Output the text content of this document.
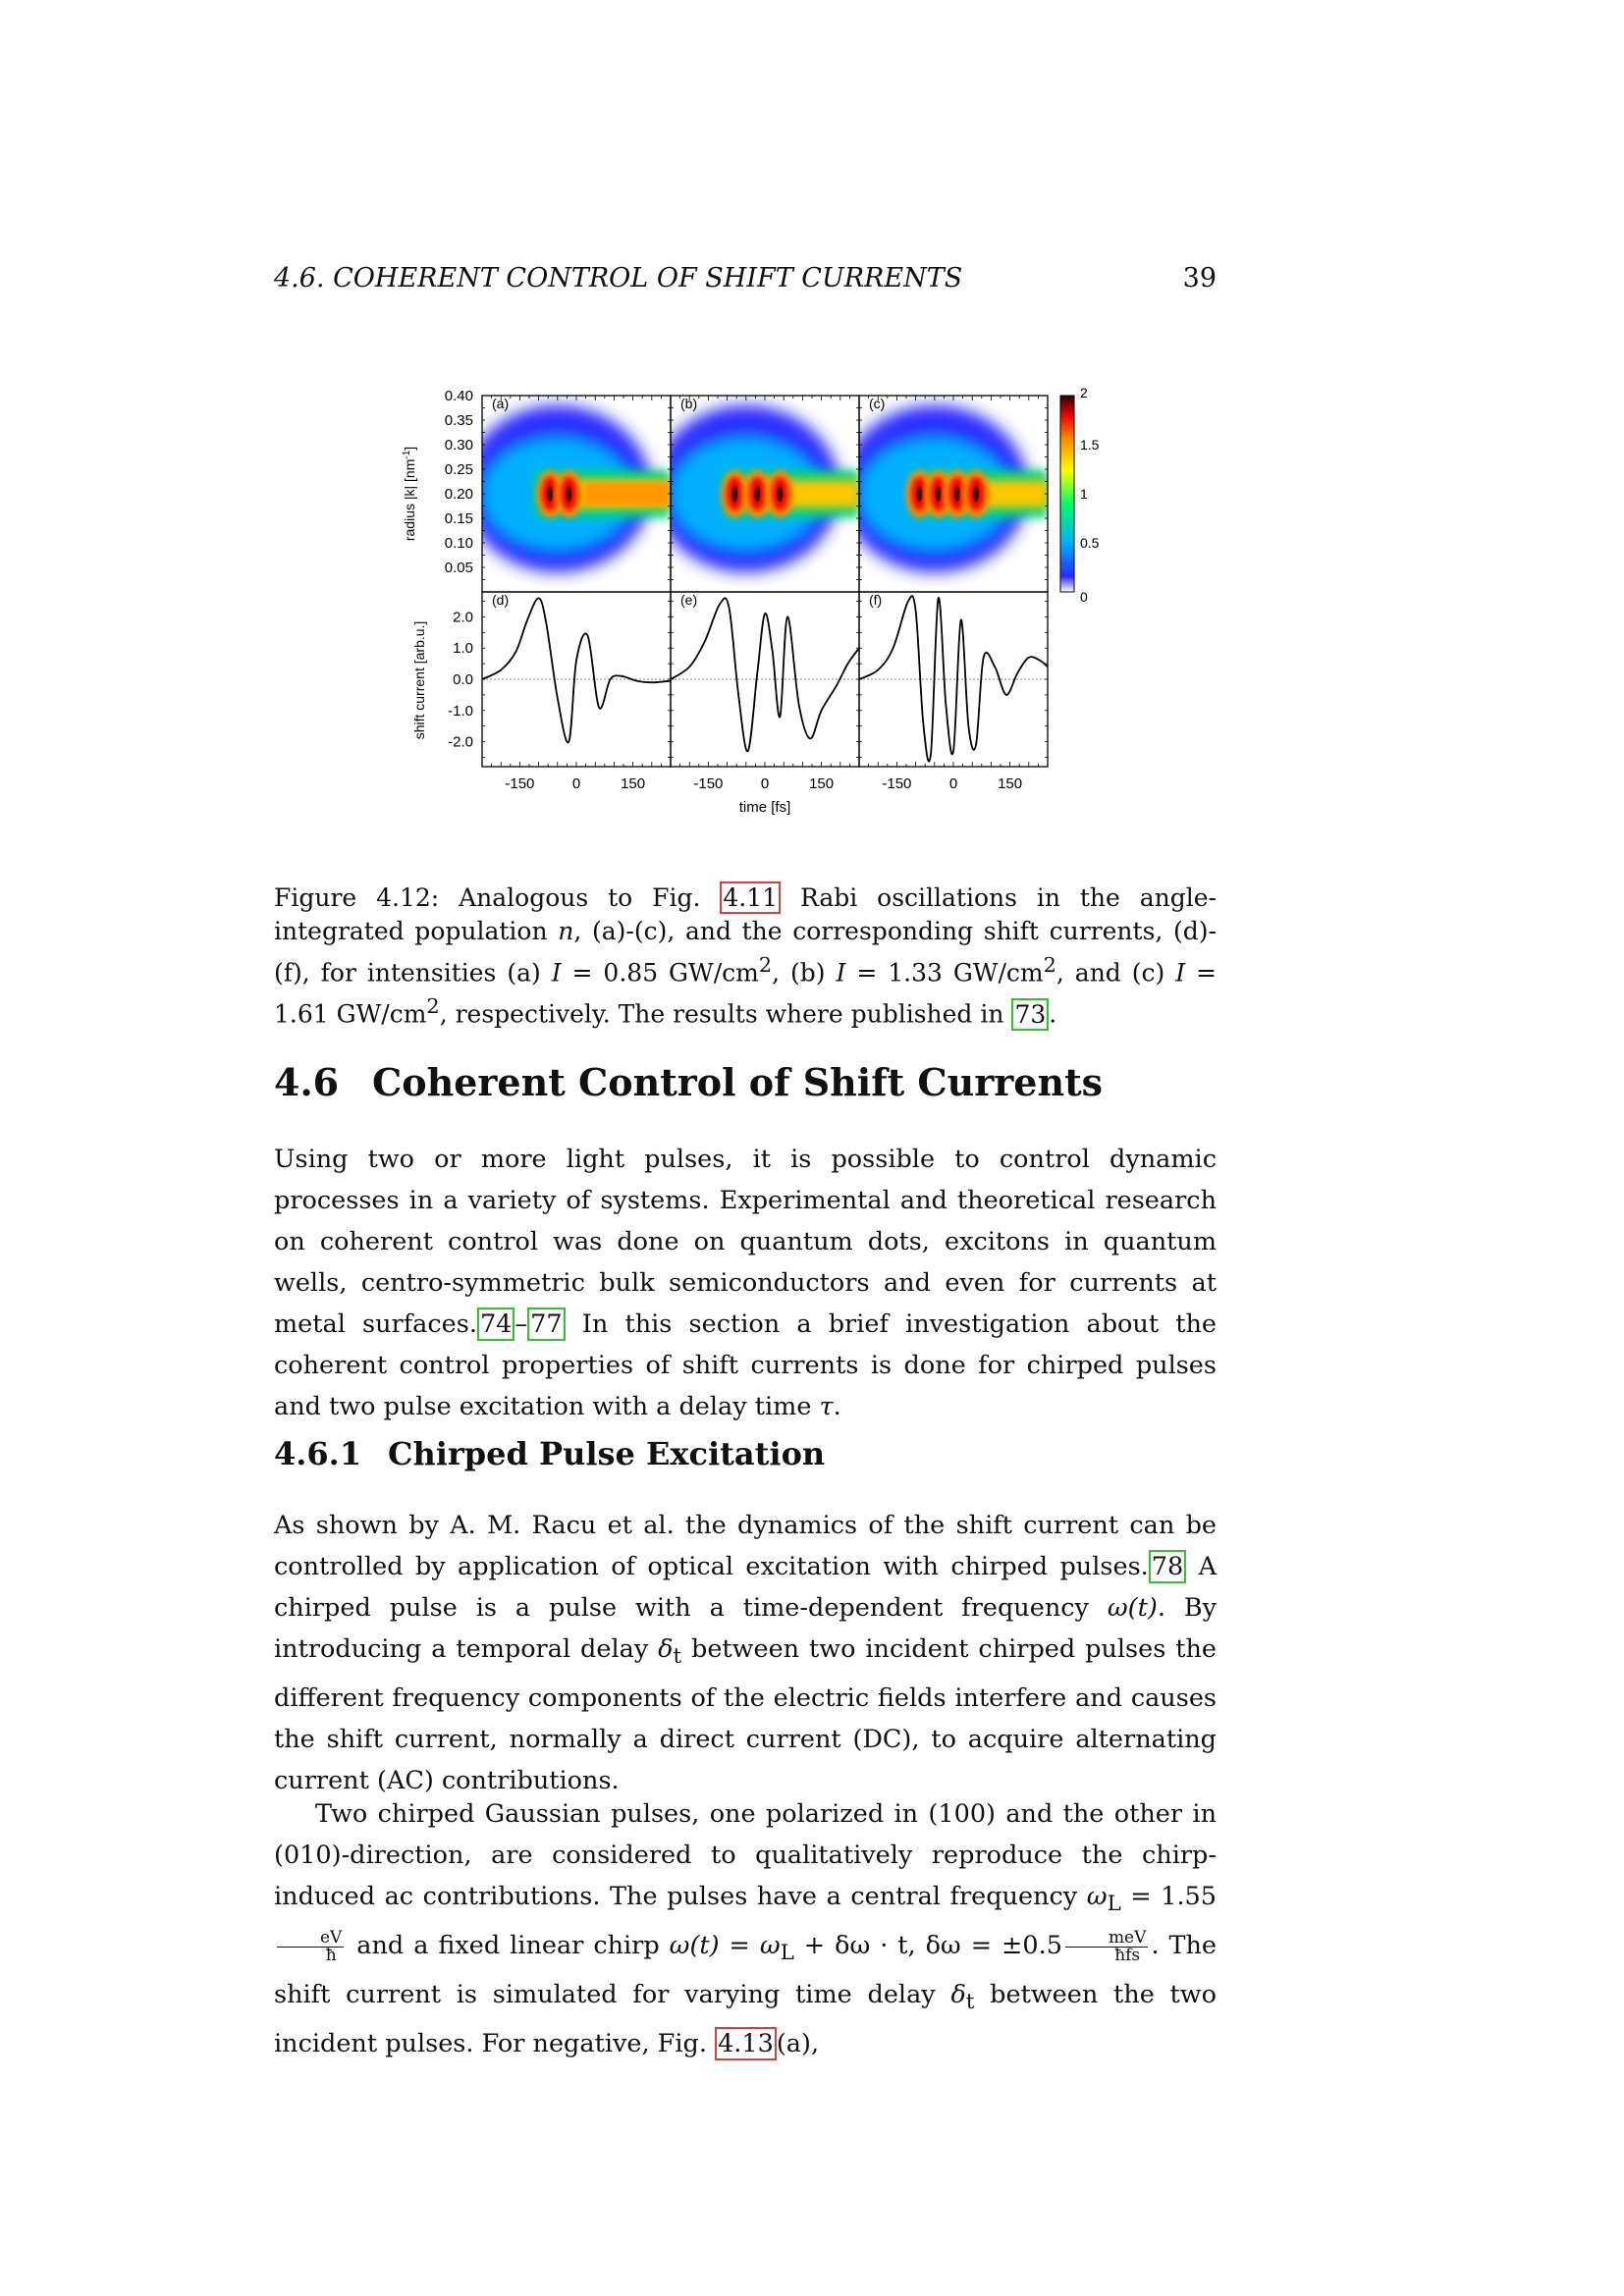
4.6. COHERENT CONTROL OF SHIFT CURRENTS	39
(a)	(b)	(c)
(d)	(e)	(f)
0.40
0.35
0.30
0.25
0.20
0.15
0.10
0.05
2.0
1.0
0.0
-1.0
-2.0
-150	0	150	-150	0	150	-150	0	150
time [fs]
radius |k| $[nm^{-1}]$
shift current [arb.u.]
2
1.5
1
0.5
0
Figure 4.12: Analogous to Fig. 4.11 Rabi oscillations in the angle-integrated population n, (a)-(c), and the corresponding shift currents, (d)-(f), for intensities (a) I = 0.85 $GW/cm^2$, (b) I = 1.33 $GW/cm^2$, and (c) I = 1.61 $GW/cm^2$, respectively. The results where published in 73 .
4.6 Coherent Control of Shift Currents
Using two or more light pulses, it is possible to control dynamic processes in a variety of systems. Experimental and theoretical research on coherent control was done on quantum dots, excitons in quantum wells, centro-symmetric bulk semiconductors and even for currents at metal surfaces. 74 – 77 In this section a brief investigation about the coherent control properties of shift currents is done for chirped pulses and two pulse excitation with a delay time τ.
4.6.1 Chirped Pulse Excitation
As shown by A. M. Racu et al. the dynamics of the shift current can be controlled by application of optical excitation with chirped pulses. 78 A chirped pulse is a pulse with a time-dependent frequency ω(t). By introducing a temporal delay $\delta_t$ between two incident chirped pulses the different frequency components of the electric fields interfere and causes the shift current, normally a direct current (DC), to acquire alternating current (AC) contributions.
Two chirped Gaussian pulses, one polarized in (100) and the other in (010)-direction, are considered to qualitatively reproduce the chirp-induced ac contributions. The pulses have a central frequency $\omega_L = 1.55$
$\frac{eV}{ħ}$ and a fixed linear chirp $\omega(t) = \omega_L + \delta\omega \cdot t$, $\delta\omega = \pm 0.5 \frac{\text{meV}}{\text{ħfs}}$ . The shift current is simulated for varying time delay $\delta_t$ between the two incident pulses. For negative, Fig. 4.13 (a),
